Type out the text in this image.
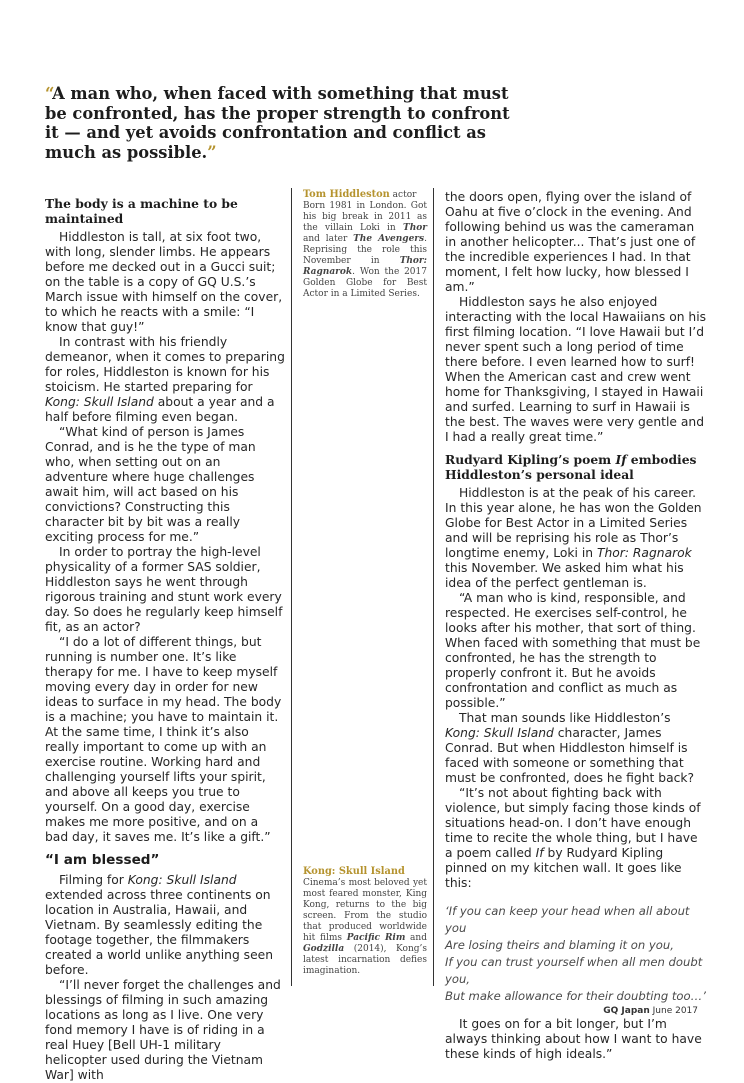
“A man who, when faced with something that must be confronted, has the proper strength to confront it — and yet avoids confrontation and conflict as much as possible.”
The body is a machine to be maintained

Hiddleston is tall, at six foot two, with long, slender limbs. He appears before me decked out in a Gucci suit; on the table is a copy of GQ U.S.’s March issue with himself on the cover, to which he reacts with a smile: “I know that guy!”

In contrast with his friendly demeanor, when it comes to preparing for roles, Hiddleston is known for his stoicism. He started preparing for Kong: Skull Island about a year and a half before filming even began.

“What kind of person is James Conrad, and is he the type of man who, when setting out on an adventure where huge challenges await him, will act based on his convictions? Constructing this character bit by bit was a really exciting process for me.”

In order to portray the high-level physicality of a former SAS soldier, Hiddleston says he went through rigorous training and stunt work every day. So does he regularly keep himself fit, as an actor?

“I do a lot of different things, but running is number one. It’s like therapy for me. I have to keep myself moving every day in order for new ideas to surface in my head. The body is a machine; you have to maintain it. At the same time, I think it’s also really important to come up with an exercise routine. Working hard and challenging yourself lifts your spirit, and above all keeps you true to yourself. On a good day, exercise makes me more positive, and on a bad day, it saves me. It’s like a gift.”

“I am blessed”

Filming for Kong: Skull Island extended across three continents on location in Australia, Hawaii, and Vietnam. By seamlessly editing the footage together, the filmmakers created a world unlike anything seen before.

“I’ll never forget the challenges and blessings of filming in such amazing locations as long as I live. One very fond memory I have is of riding in a real Huey [Bell UH-1 military helicopter used during the Vietnam War] with

Tom Hiddleston actor
Born 1981 in London. Got his big break in 2011 as the villain Loki in Thor and later The Avengers. Reprising the role this November in Thor: Ragnarok. Won the 2017 Golden Globe for Best Actor in a Limited Series.
Kong: Skull Island
Cinema’s most beloved yet most feared monster, King Kong, returns to the big screen. From the studio that produced worldwide hit films Pacific Rim and Godzilla (2014), Kong’s latest incarnation defies imagination.

the doors open, flying over the island of Oahu at five o’clock in the evening. And following behind us was the cameraman in another helicopter... That’s just one of the incredible experiences I had. In that moment, I felt how lucky, how blessed I am.”

Hiddleston says he also enjoyed interacting with the local Hawaiians on his first filming location. “I love Hawaii but I’d never spent such a long period of time there before. I even learned how to surf! When the American cast and crew went home for Thanksgiving, I stayed in Hawaii and surfed. Learning to surf in Hawaii is the best. The waves were very gentle and I had a really great time.”

Rudyard Kipling’s poem If embodies Hiddleston’s personal ideal

Hiddleston is at the peak of his career. In this year alone, he has won the Golden Globe for Best Actor in a Limited Series and will be reprising his role as Thor’s longtime enemy, Loki in Thor: Ragnarok this November. We asked him what his idea of the perfect gentleman is.

“A man who is kind, responsible, and respected. He exercises self-control, he looks after his mother, that sort of thing. When faced with something that must be confronted, he has the strength to properly confront it. But he avoids confrontation and conflict as much as possible.”

That man sounds like Hiddleston’s Kong: Skull Island character, James Conrad. But when Hiddleston himself is faced with someone or something that must be confronted, does he fight back?

“It’s not about fighting back with violence, but simply facing those kinds of situations head-on. I don’t have enough time to recite the whole thing, but I have a poem called If by Rudyard Kipling pinned on my kitchen wall. It goes like this:

‘If you can keep your head when all about you
Are losing theirs and blaming it on you,
If you can trust yourself when all men doubt you,
But make allowance for their doubting too…’

It goes on for a bit longer, but I’m always thinking about how I want to have these kinds of high ideals.”

GQ Japan June 2017
